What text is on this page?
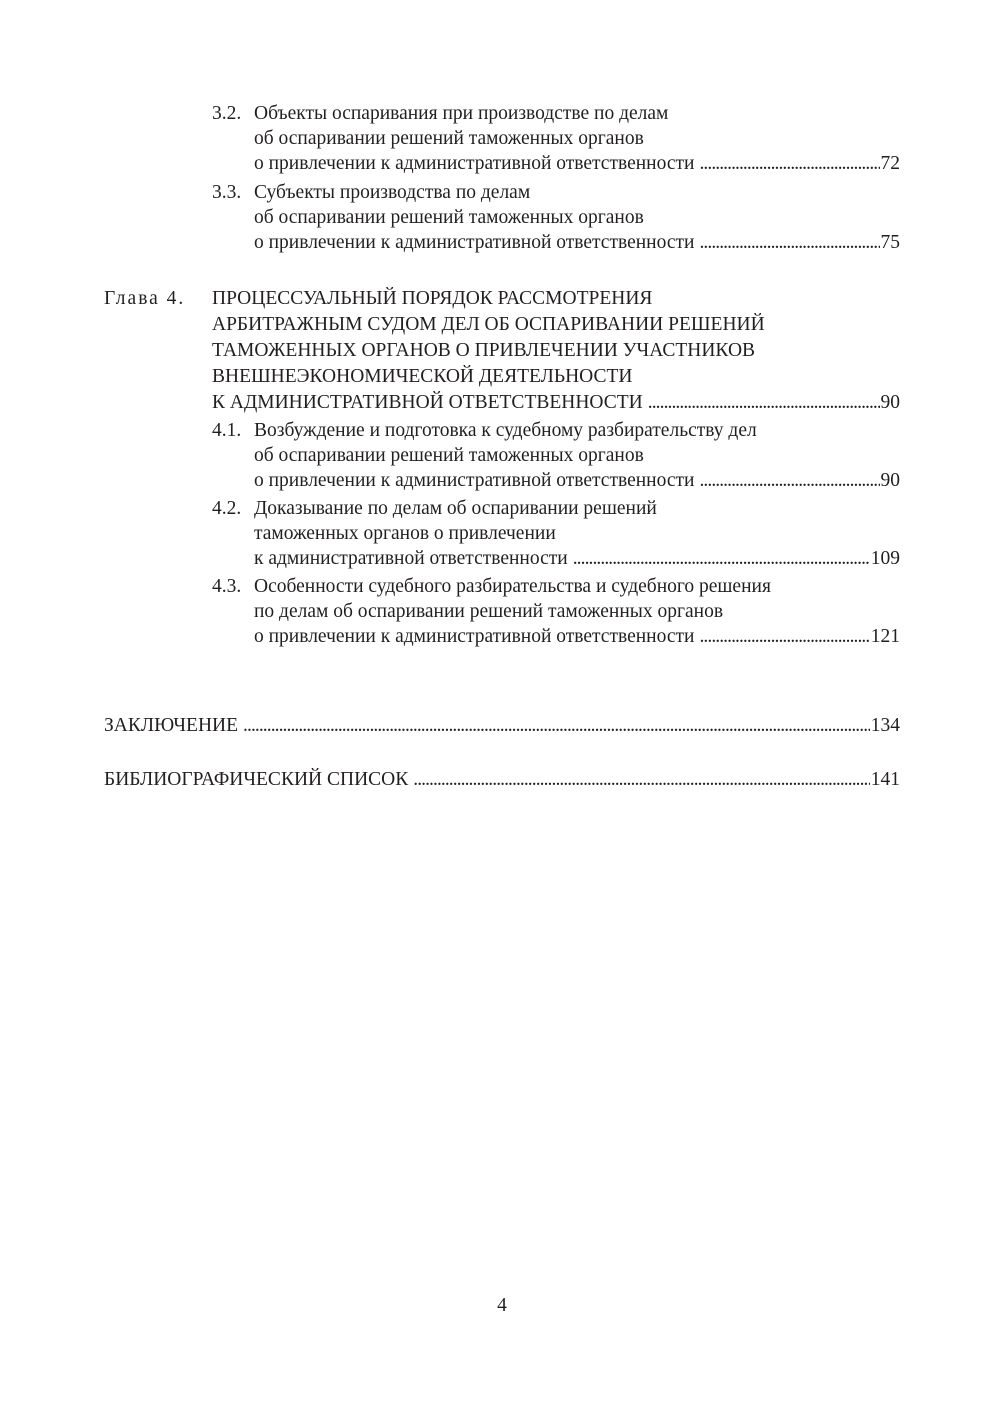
3.2. Объекты оспаривания при производстве по делам
об оспаривании решений таможенных органов
о привлечении к административной ответственности . . .	72
3.3. Субъекты производства по делам
об оспаривании решений таможенных органов
о привлечении к административной ответственности . . .	75
Глава 4. ПРОЦЕССУАЛЬНЫЙ ПОРЯДОК РАССМОТРЕНИЯ
АРБИТРАЖНЫМ СУДОМ ДЕЛ ОБ ОСПАРИВАНИИ РЕШЕНИЙ
ТАМОЖЕННЫХ ОРГАНОВ О ПРИВЛЕЧЕНИИ УЧАСТНИКОВ
ВНЕШНЕЭКОНОМИЧЕСКОЙ ДЕЯТЕЛЬНОСТИ
К АДМИНИСТРАТИВНОЙ ОТВЕТСТВЕННОСТИ . . .	90
4.1. Возбуждение и подготовка к судебному разбирательству дел
об оспаривании решений таможенных органов
о привлечении к административной ответственности . . .	90
4.2. Доказывание по делам об оспаривании решений
таможенных органов о привлечении
к административной ответственности . . .	109
4.3. Особенности судебного разбирательства и судебного решения
по делам об оспаривании решений таможенных органов
о привлечении к административной ответственности . . .	121
ЗАКЛЮЧЕНИЕ . . .	134
БИБЛИОГРАФИЧЕСКИЙ СПИСОК . . .	141
4
